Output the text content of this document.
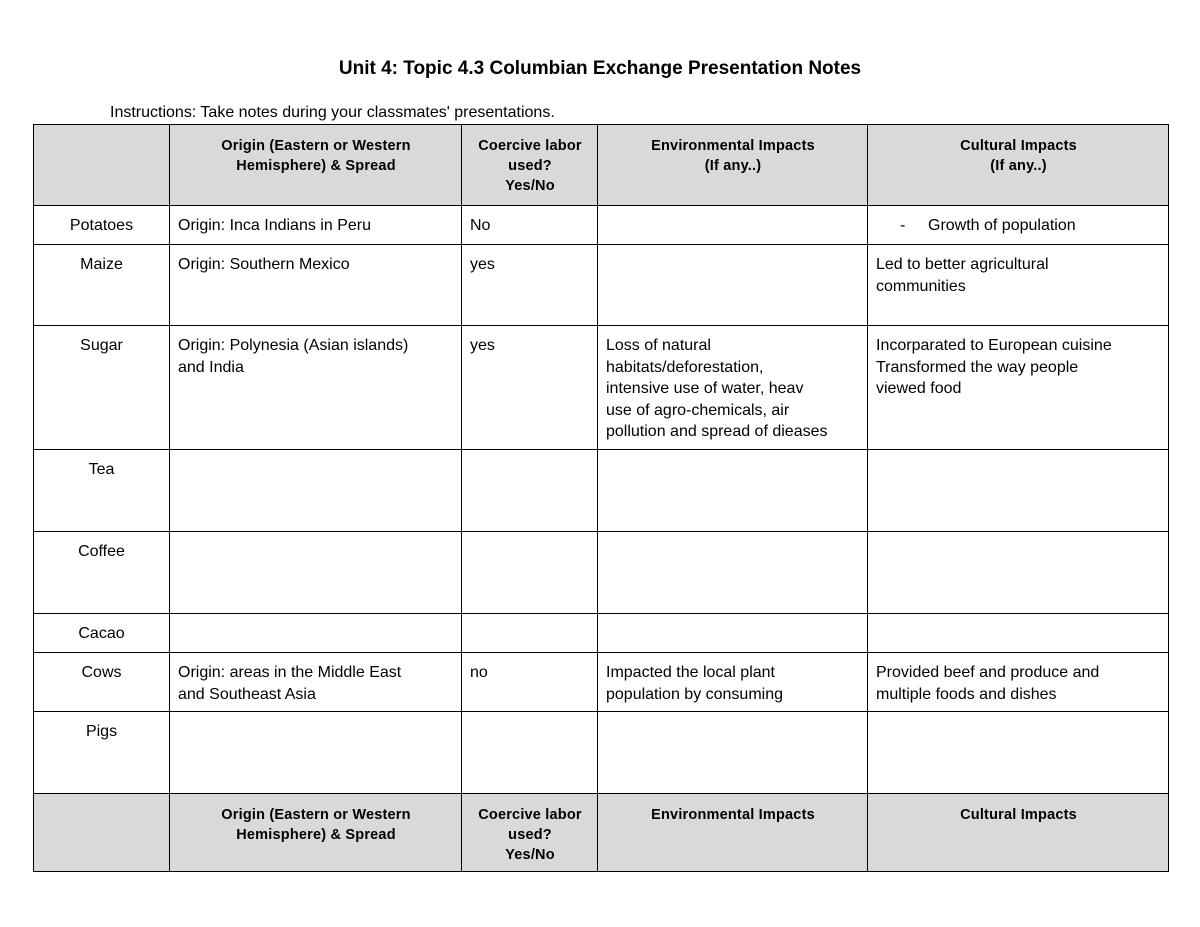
Unit 4: Topic 4.3 Columbian Exchange Presentation Notes
Instructions: Take notes during your classmates' presentations.

	Origin (Eastern or Western
Hemisphere) & Spread	Coercive labor
used?
Yes/No	Environmental Impacts
(If any..)	Cultural Impacts
(If any..)

Potatoes	Origin: Inca Indians in Peru	No		- Growth of population
Maize	Origin: Southern Mexico	yes		Led to better agricultural
communities

Sugar	Origin: Polynesia (Asian islands)
and India	yes	Loss of natural
habitats/deforestation,
intensive use of water, heav
use of agro-chemicals, air
pollution and spread of dieases	Incorparated to European cuisine
Transformed the way people
viewed food

Tea				
Coffee				
Cacao				
Cows	Origin: areas in the Middle East
and Southeast Asia	no	Impacted the local plant
population by consuming	Provided beef and produce and
multiple foods and dishes

Pigs				

	Origin (Eastern or Western
Hemisphere) & Spread	Coercive labor
used?
Yes/No	Environmental Impacts	Cultural Impacts
